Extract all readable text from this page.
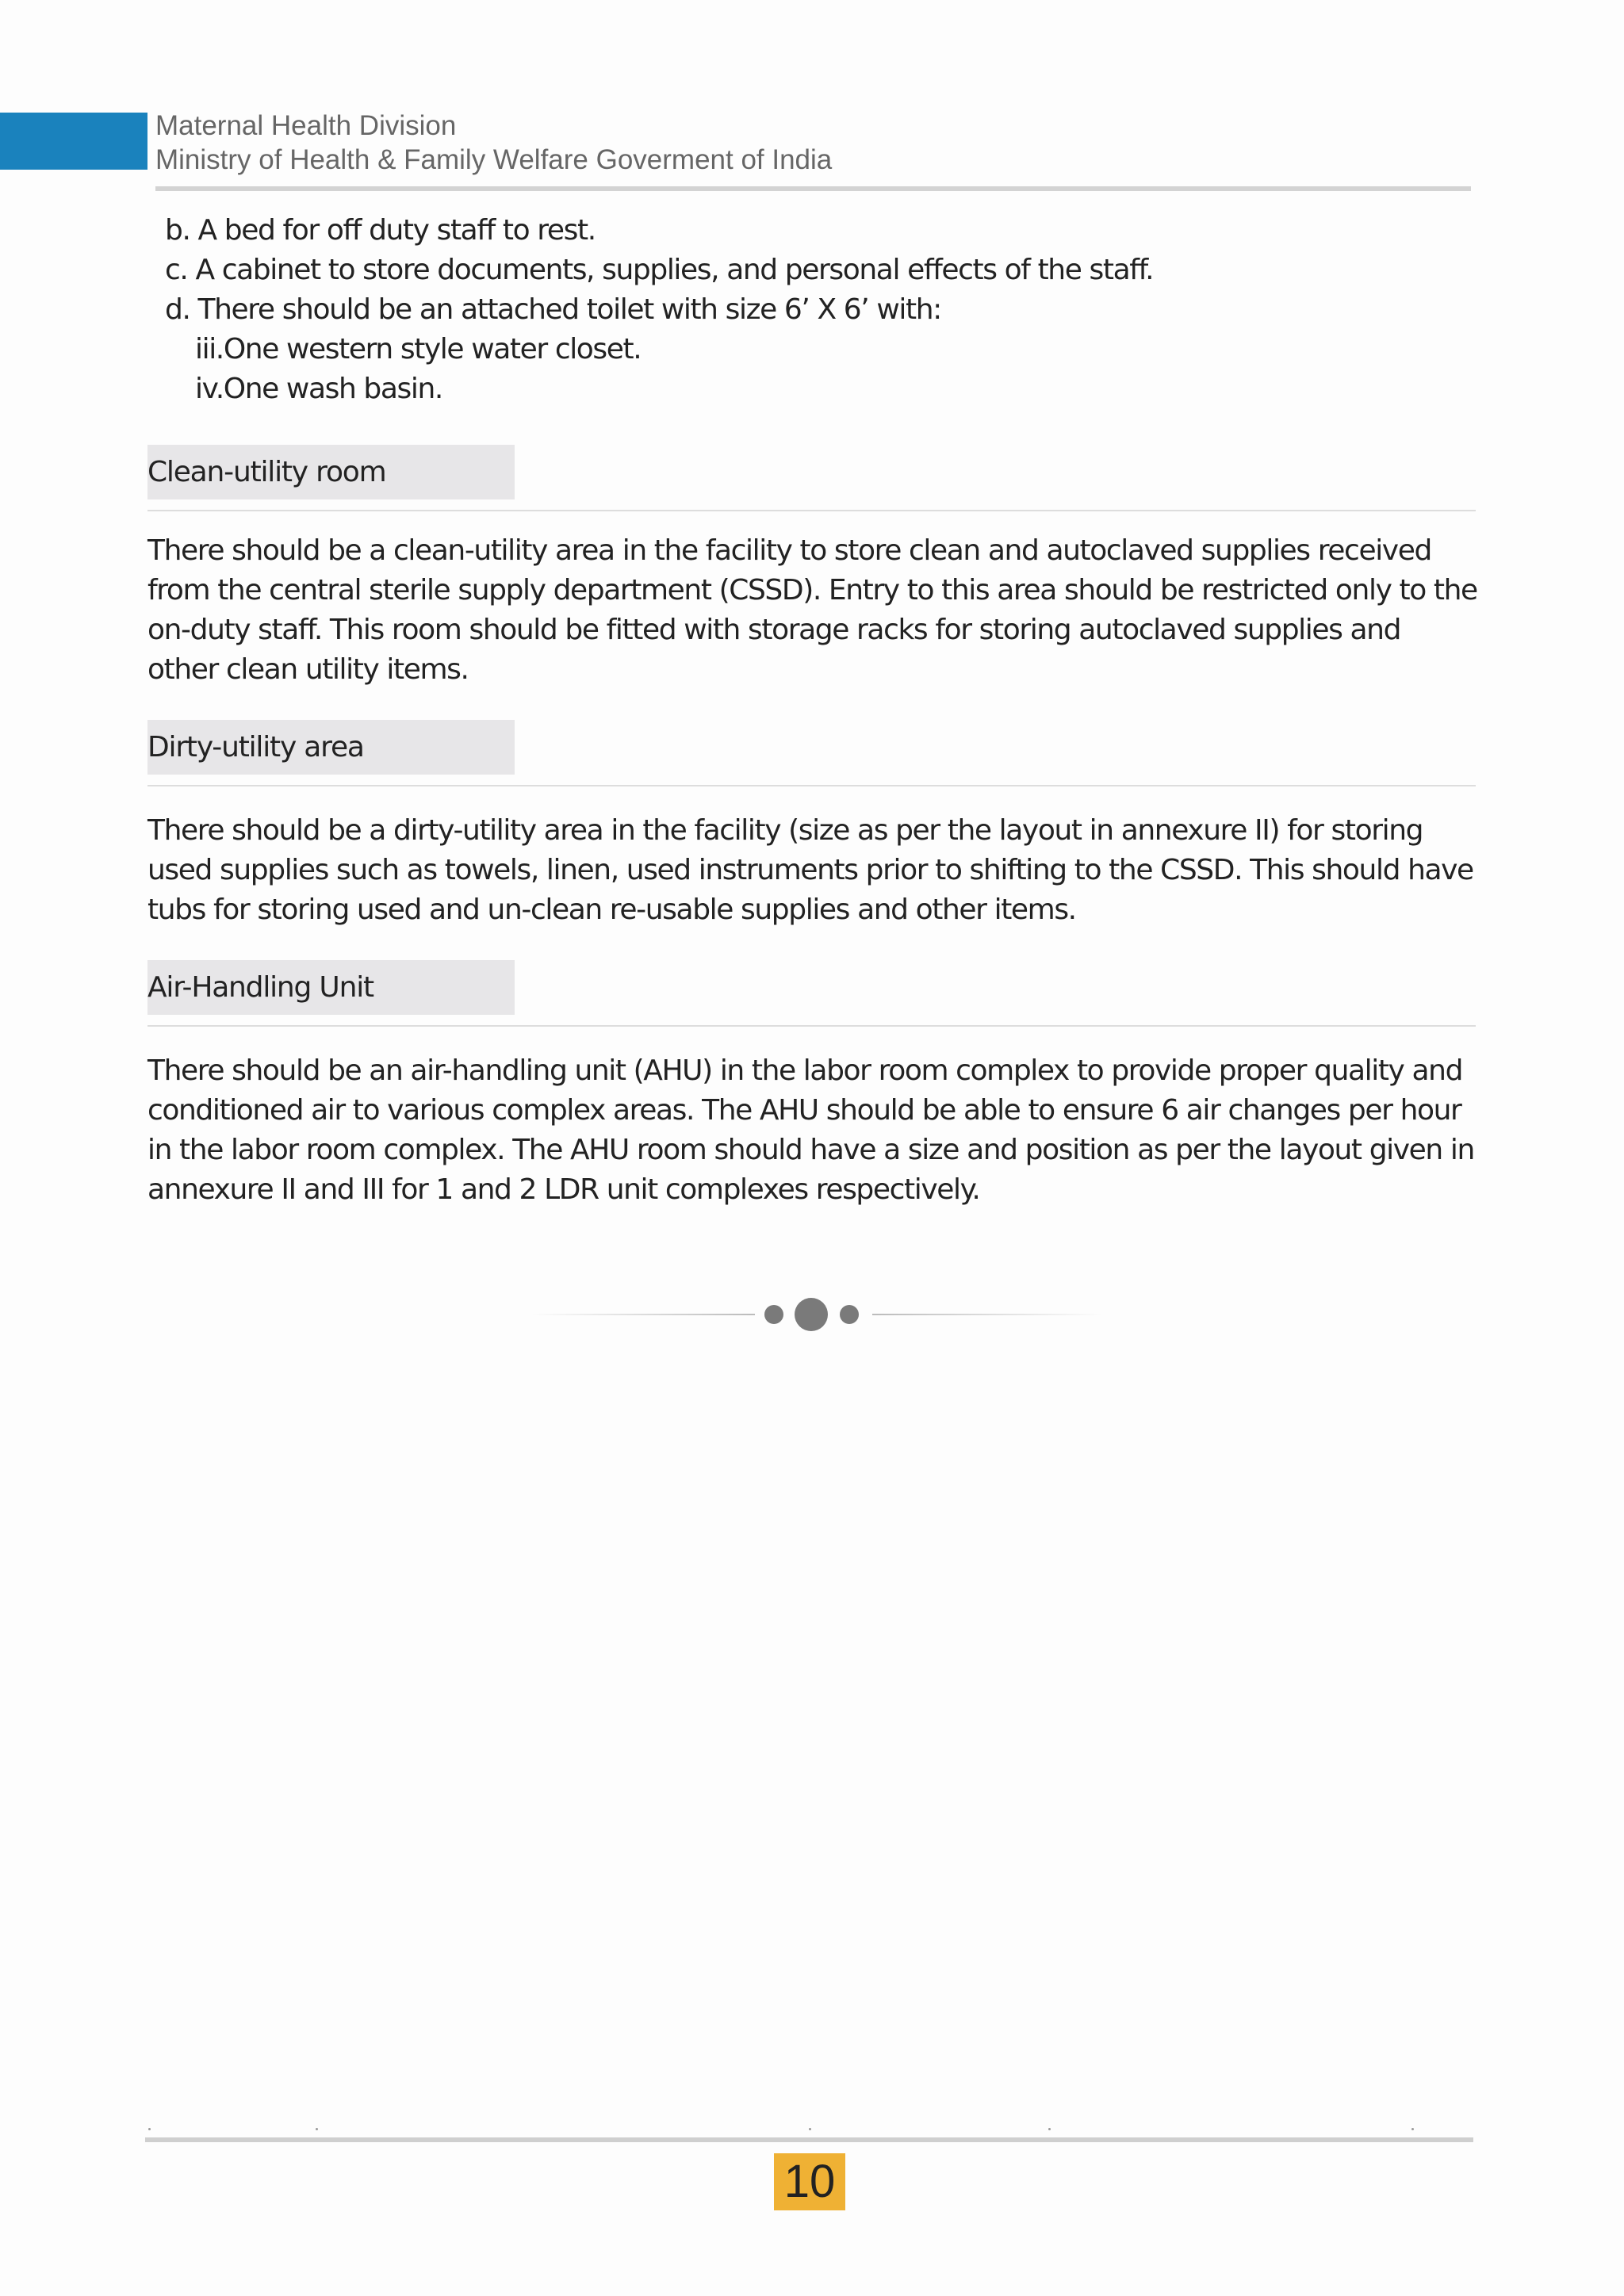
Maternal Health Division
Ministry of Health & Family Welfare Goverment of India
b. A bed for off duty staff to rest.
c. A cabinet to store documents, supplies, and personal effects of the staff.
d. There should be an attached toilet with size 6’ X 6’ with:
iii.One western style water closet.
iv.One wash basin.
Clean-utility room
There should be a clean-utility area in the facility to store clean and autoclaved supplies received
from the central sterile supply department (CSSD). Entry to this area should be restricted only to the
on-duty staff. This room should be fitted with storage racks for storing autoclaved supplies and
other clean utility items.
Dirty-utility area
There should be a dirty-utility area in the facility (size as per the layout in annexure II) for storing
used supplies such as towels, linen, used instruments prior to shifting to the CSSD. This should have
tubs for storing used and un-clean re-usable supplies and other items.
Air-Handling Unit
There should be an air-handling unit (AHU) in the labor room complex to provide proper quality and
conditioned air to various complex areas. The AHU should be able to ensure 6 air changes per hour
in the labor room complex. The AHU room should have a size and position as per the layout given in
annexure II and III for 1 and 2 LDR unit complexes respectively.
10
